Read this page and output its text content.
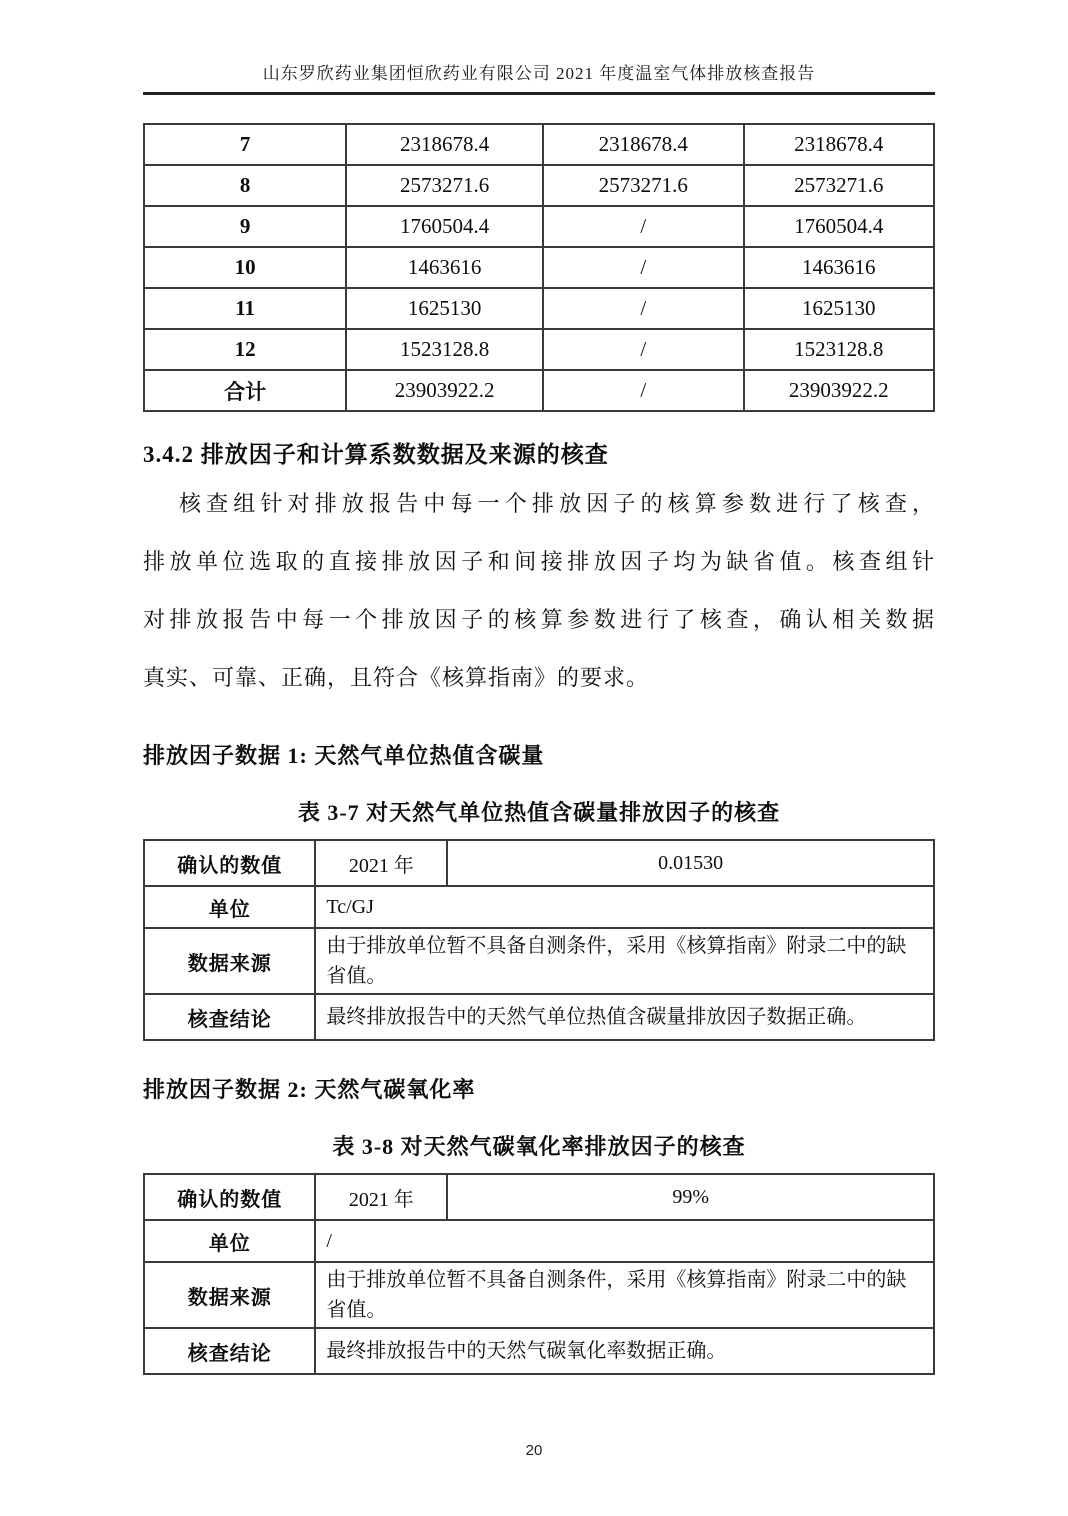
山东罗欣药业集团恒欣药业有限公司 2021 年度温室气体排放核查报告
7	2318678.4	2318678.4	2318678.4
8	2573271.6	2573271.6	2573271.6
9	1760504.4	/	1760504.4
10	1463616	/	1463616
11	1625130	/	1625130
12	1523128.8	/	1523128.8
合计	23903922.2	/	23903922.2
3.4.2 排放因子和计算系数数据及来源的核查
核查组针对排放报告中每一个排放因子的核算参数进行了核查，
排放单位选取的直接排放因子和间接排放因子均为缺省值。核查组针
对排放报告中每一个排放因子的核算参数进行了核查，确认相关数据
真实、可靠、正确，且符合《核算指南》的要求。
排放因子数据 1: 天然气单位热值含碳量
表 3-7 对天然气单位热值含碳量排放因子的核查
确认的数值	2021 年	0.01530
单位	Tc/GJ	
数据来源	由于排放单位暂不具备自测条件，采用《核算指南》附录二中的缺省值。	
核查结论	最终排放报告中的天然气单位热值含碳量排放因子数据正确。	
排放因子数据 2: 天然气碳氧化率
表 3-8 对天然气碳氧化率排放因子的核查
确认的数值	2021 年	99%
单位	/	
数据来源	由于排放单位暂不具备自测条件，采用《核算指南》附录二中的缺省值。	
核查结论	最终排放报告中的天然气碳氧化率数据正确。	
20
